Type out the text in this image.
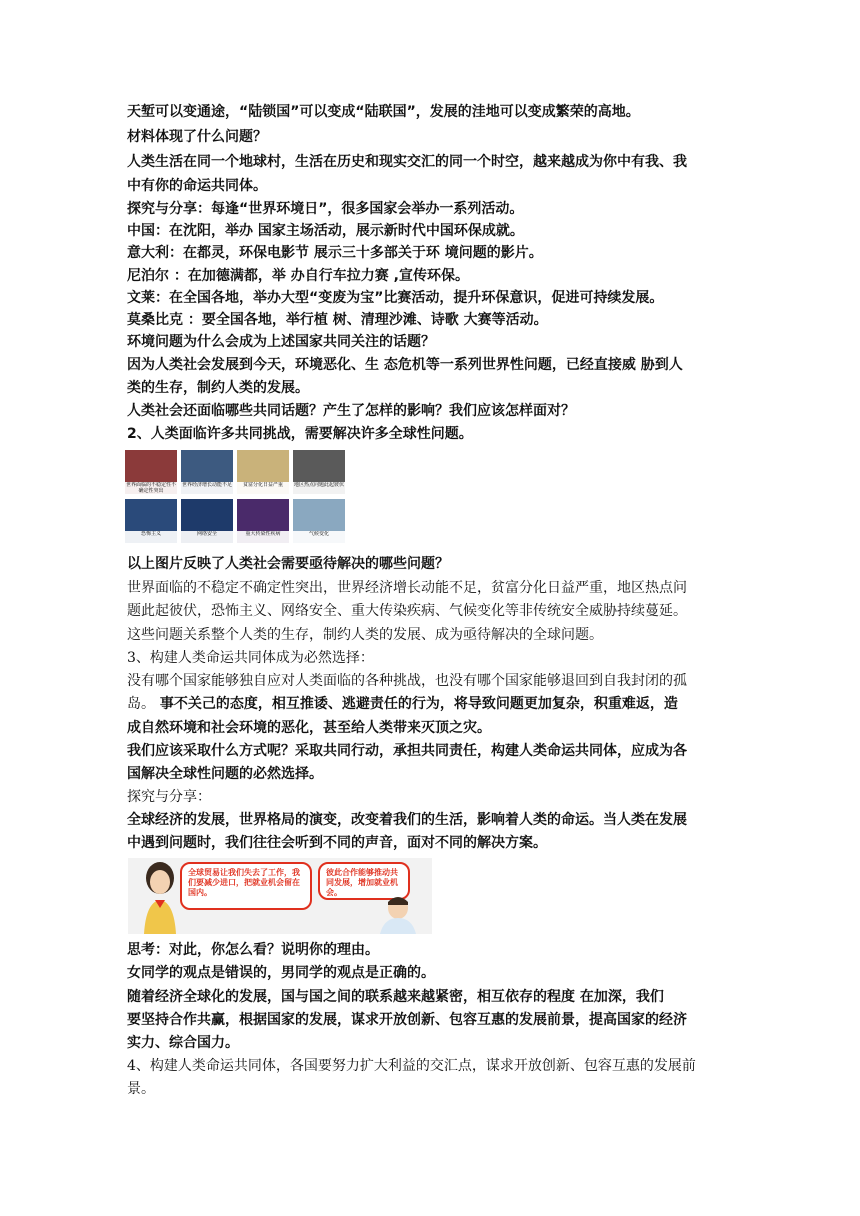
天堑可以变通途，“陆锁国”可以变成“陆联国”，发展的洼地可以变成繁荣的高地。
材料体现了什么问题？
人类生活在同一个地球村，生活在历史和现实交汇的同一个时空，越来越成为你中有我、我
中有你的命运共同体。
探究与分享：每逢“世界环境日”，很多国家会举办一系列活动。
中国：在沈阳，举办 国家主场活动，展示新时代中国环保成就。
意大利：在都灵，环保电影节 展示三十多部关于环 境问题的影片。
尼泊尔 ：在加德满都，举 办自行车拉力赛 ,宣传环保。
文莱：在全国各地，举办大型“变废为宝”比赛活动，提升环保意识，促进可持续发展。
莫桑比克 ：要全国各地，举行植 树、清理沙滩、诗歌 大赛等活动。
环境问题为什么会成为上述国家共同关注的话题？
因为人类社会发展到今天，环境恶化、生 态危机等一系列世界性问题，已经直接威 胁到人
类的生存，制约人类的发展。
人类社会还面临哪些共同话题？产生了怎样的影响？我们应该怎样面对？
2、人类面临许多共同挑战，需要解决许多全球性问题。
世界面临的不稳定性不确定性突出
世界经济增长动能不足	贫富分化日益严重	地区热点问题此起彼伏
恐怖主义	网络安全	重大传染性疾病	气候变化
以上图片反映了人类社会需要亟待解决的哪些问题？
世界面临的不稳定不确定性突出，世界经济增长动能不足，贫富分化日益严重，地区热点问
题此起彼伏，恐怖主义、网络安全、重大传染疾病、气候变化等非传统安全威胁持续蔓延。
这些问题关系整个人类的生存，制约人类的发展、成为亟待解决的全球问题。
3、构建人类命运共同体成为必然选择：
没有哪个国家能够独自应对人类面临的各种挑战，也没有哪个国家能够退回到自我封闭的孤
岛。 事不关己的态度，相互推诿、逃避责任的行为，将导致问题更加复杂，积重难返，造
成自然环境和社会环境的恶化，甚至给人类带来灭顶之灾。
我们应该采取什么方式呢？采取共同行动，承担共同责任，构建人类命运共同体，应成为各
国解决全球性问题的必然选择。
探究与分享：
全球经济的发展，世界格局的演变，改变着我们的生活，影响着人类的命运。当人类在发展
中遇到问题时，我们往往会听到不同的声音，面对不同的解决方案。
全球贸易让我们失去了工作，我们要减少进口，把就业机会留在国内。
彼此合作能够推动共同发展，增加就业机会。
思考：对此，你怎么看？说明你的理由。
女同学的观点是错误的，男同学的观点是正确的。
随着经济全球化的发展，国与国之间的联系越来越紧密，相互依存的程度 在加深，我们
要坚持合作共赢，根据国家的发展，谋求开放创新、包容互惠的发展前景，提高国家的经济
实力、综合国力。
4、构建人类命运共同体，各国要努力扩大利益的交汇点，谋求开放创新、包容互惠的发展前
景。
